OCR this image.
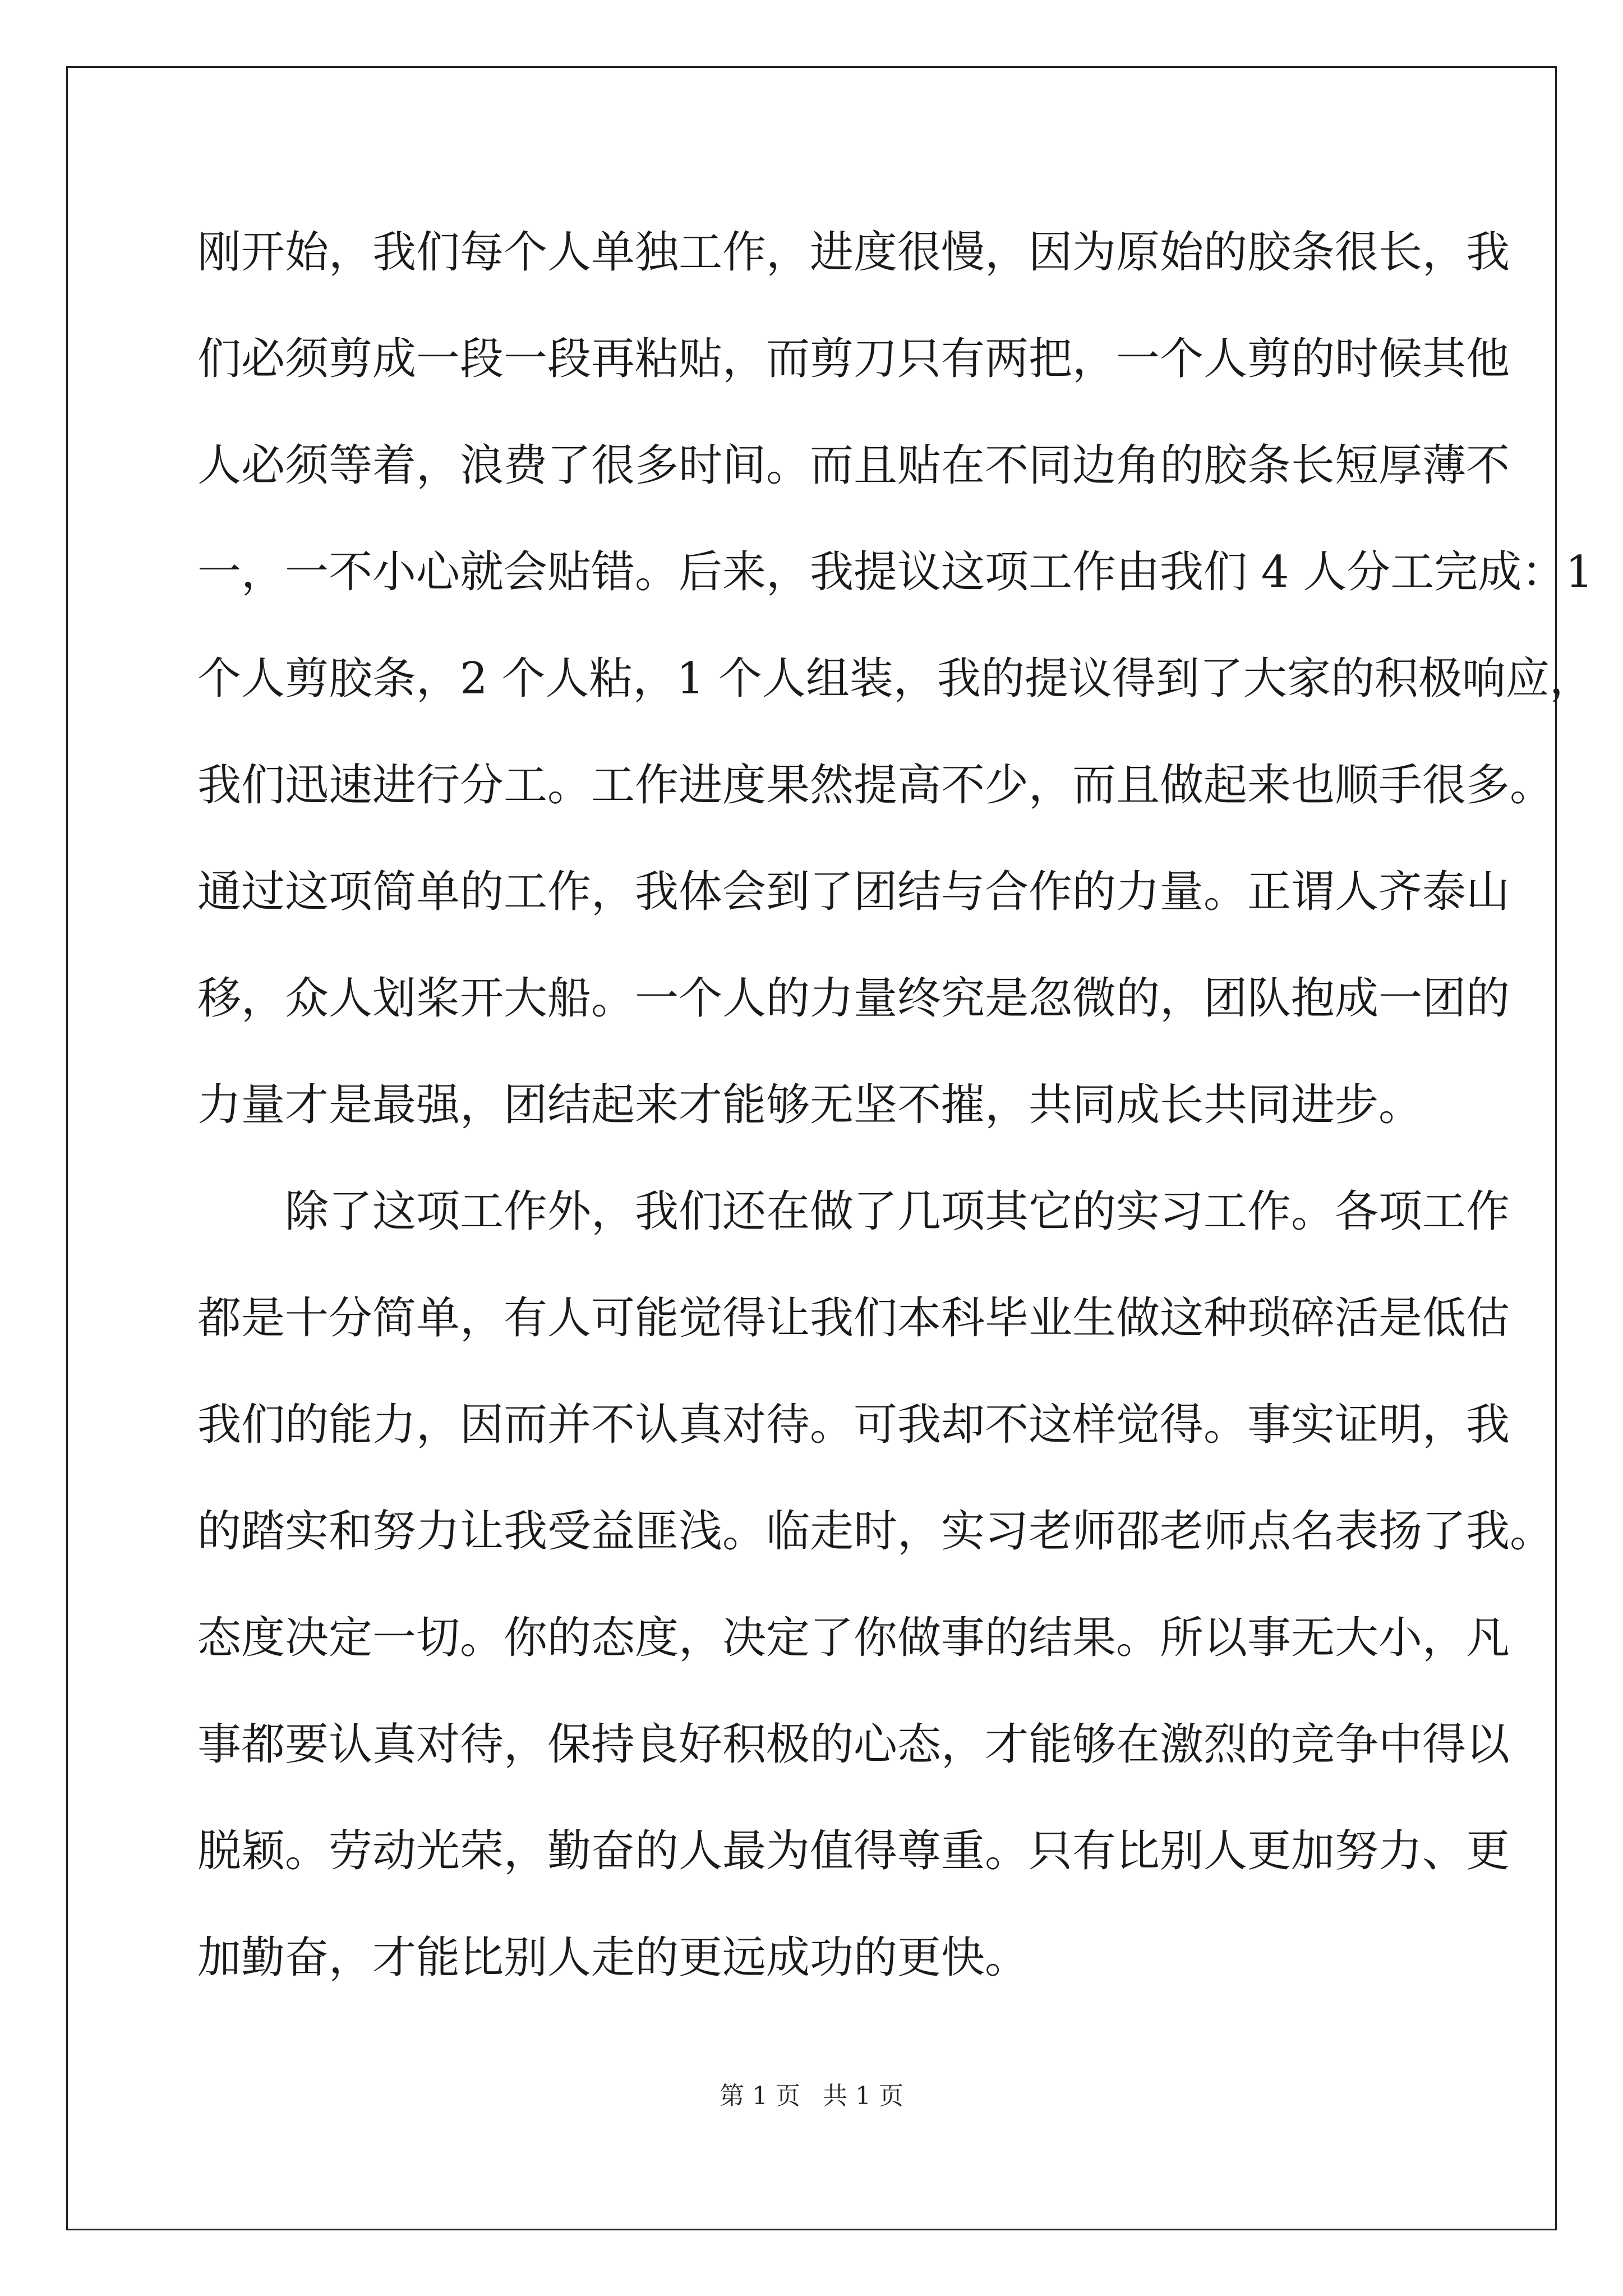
刚开始，我们每个人单独工作，进度很慢，因为原始的胶条很长，我
们必须剪成一段一段再粘贴，而剪刀只有两把，一个人剪的时候其他
人必须等着，浪费了很多时间。而且贴在不同边角的胶条长短厚薄不
一，一不小心就会贴错。后来，我提议这项工作由我们 4 人分工完成：1
个人剪胶条，2 个人粘，1 个人组装，我的提议得到了大家的积极响应，
我们迅速进行分工。工作进度果然提高不少，而且做起来也顺手很多。
通过这项简单的工作，我体会到了团结与合作的力量。正谓人齐泰山
移，众人划桨开大船。一个人的力量终究是忽微的，团队抱成一团的
力量才是最强，团结起来才能够无坚不摧，共同成长共同进步。
　　除了这项工作外，我们还在做了几项其它的实习工作。各项工作
都是十分简单，有人可能觉得让我们本科毕业生做这种琐碎活是低估
我们的能力，因而并不认真对待。可我却不这样觉得。事实证明，我
的踏实和努力让我受益匪浅。临走时，实习老师邵老师点名表扬了我。
态度决定一切。你的态度，决定了你做事的结果。所以事无大小，凡
事都要认真对待，保持良好积极的心态，才能够在激烈的竞争中得以
脱颖。劳动光荣，勤奋的人最为值得尊重。只有比别人更加努力、更
加勤奋，才能比别人走的更远成功的更快。
第 1 页 共 1 页
